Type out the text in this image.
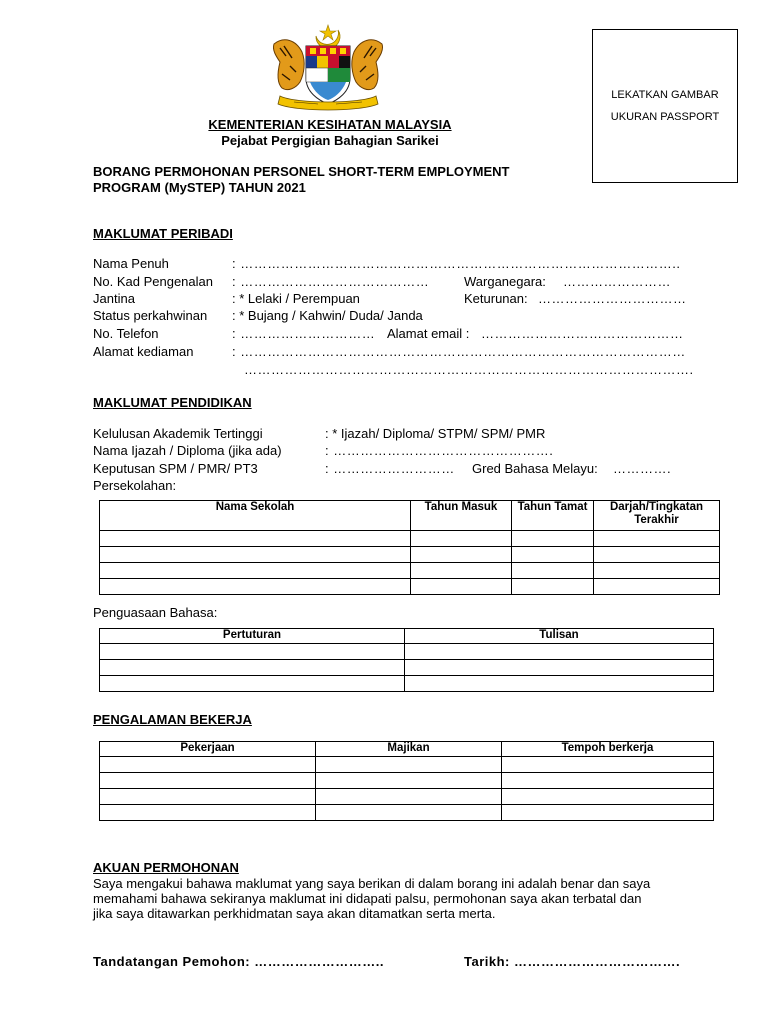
LEKATKAN GAMBAR
UKURAN PASSPORT
KEMENTERIAN KESIHATAN MALAYSIA
Pejabat Pergigian Bahagian Sarikei
BORANG PERMOHONAN PERSONEL SHORT-TERM EMPLOYMENT
PROGRAM (MySTEP) TAHUN 2021
MAKLUMAT PERIBADI
Nama Penuh	: ……………………………………………………………………………………..
No. Kad Pengenalan : ……………………………………	Warganegara: ……………………
Jantina	: * Lelaki / Perempuan	Keturunan: ……………………………
Status perkahwinan : * Bujang / Kahwin/ Duda/ Janda
No. Telefon	: ………………………… Alamat email : ………………………………………
Alamat kediaman	: ………………………………………………………………………………………
……………………………………………………………………………………….
MAKLUMAT PENDIDIKAN
Kelulusan Akademik Tertinggi	: * Ijazah/ Diploma/ STPM/ SPM/ PMR
Nama Ijazah / Diploma (jika ada)	: ………………………………………….
Keputusan SPM / PMR/ PT3	: ……………………… Gred Bahasa Melayu: ………….
Persekolahan:
Nama Sekolah	Tahun Masuk	Tahun Tamat	Darjah/Tingkatan Terakhir

Penguasaan Bahasa:
Pertuturan	Tulisan

PENGALAMAN BEKERJA
Pekerjaan	Majikan	Tempoh berkerja

AKUAN PERMOHONAN
Saya mengakui bahawa maklumat yang saya berikan di dalam borang ini adalah benar dan saya
memahami bahawa sekiranya maklumat ini didapati palsu, permohonan saya akan terbatal dan
jika saya ditawarkan perkhidmatan saya akan ditamatkan serta merta.
Tandatangan Pemohon: ………………………..	Tarikh: ……………………………….
